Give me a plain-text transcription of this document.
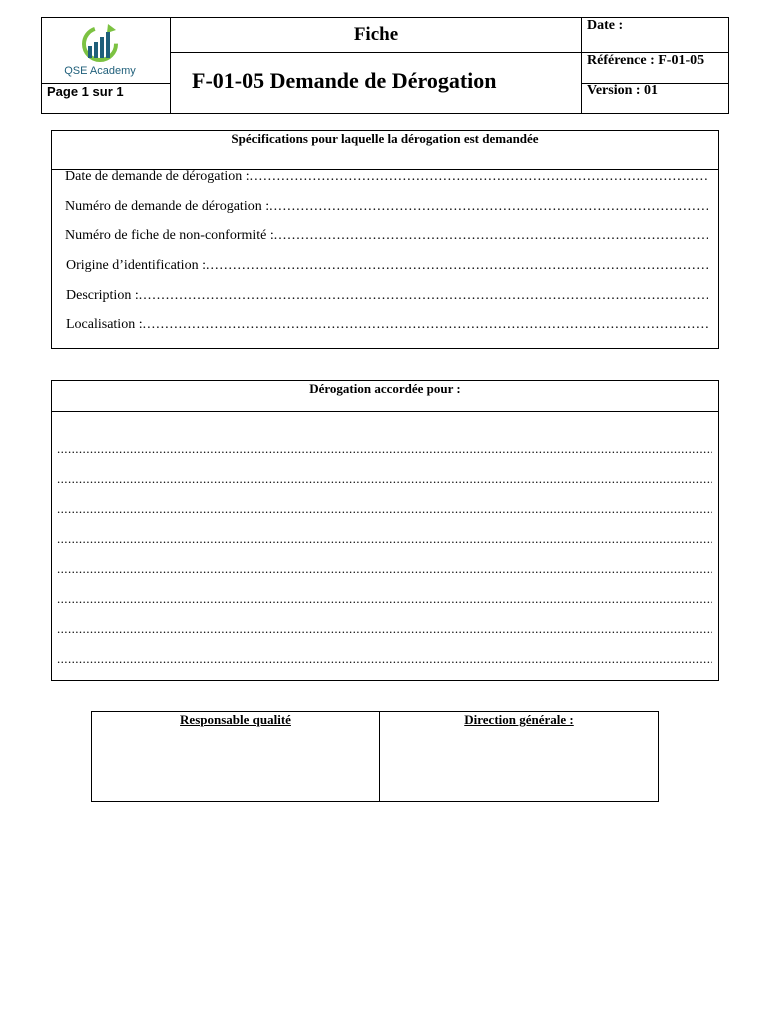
QSE Academy
Page 1 sur 1
Fiche
F-01-05 Demande de Dérogation
Date :
Référence : F-01-05
Version : 01
Spécifications pour laquelle la dérogation est demandée
Date de demande de dérogation :
.....
Numéro de demande de dérogation :
.....
Numéro de fiche de non-conformité :
.....
Origine d’identification :
.....
Description :
.....
Localisation :
.....
Dérogation accordée pour :
.....
.....
.....
.....
.....
.....
.....
.....
Responsable qualité	Direction générale :
